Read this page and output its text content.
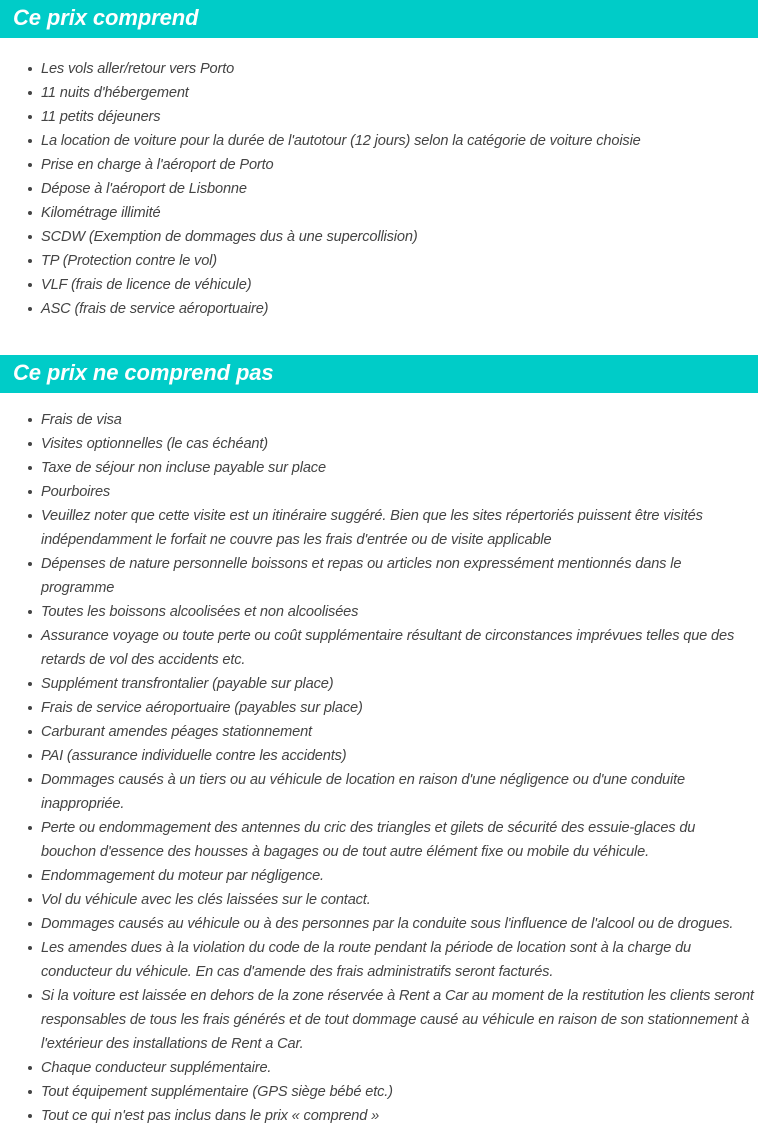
Ce prix comprend
Les vols aller/retour vers Porto
11 nuits d'hébergement
11 petits déjeuners
La location de voiture pour la durée de l'autotour (12 jours) selon la catégorie de voiture choisie
Prise en charge à l'aéroport de Porto
Dépose à l'aéroport de Lisbonne
Kilométrage illimité
SCDW (Exemption de dommages dus à une supercollision)
TP (Protection contre le vol)
VLF (frais de licence de véhicule)
ASC (frais de service aéroportuaire)
Ce prix ne comprend pas
Frais de visa
Visites optionnelles (le cas échéant)
Taxe de séjour non incluse payable sur place
Pourboires
Veuillez noter que cette visite est un itinéraire suggéré. Bien que les sites répertoriés puissent être visités indépendamment le forfait ne couvre pas les frais d'entrée ou de visite applicable
Dépenses de nature personnelle boissons et repas ou articles non expressément mentionnés dans le programme
Toutes les boissons alcoolisées et non alcoolisées
Assurance voyage ou toute perte ou coût supplémentaire résultant de circonstances imprévues telles que des retards de vol des accidents etc.
Supplément transfrontalier (payable sur place)
Frais de service aéroportuaire (payables sur place)
Carburant amendes péages stationnement
PAI (assurance individuelle contre les accidents)
Dommages causés à un tiers ou au véhicule de location en raison d'une négligence ou d'une conduite inappropriée.
Perte ou endommagement des antennes du cric des triangles et gilets de sécurité des essuie-glaces du bouchon d'essence des housses à bagages ou de tout autre élément fixe ou mobile du véhicule.
Endommagement du moteur par négligence.
Vol du véhicule avec les clés laissées sur le contact.
Dommages causés au véhicule ou à des personnes par la conduite sous l'influence de l'alcool ou de drogues.
Les amendes dues à la violation du code de la route pendant la période de location sont à la charge du conducteur du véhicule. En cas d'amende des frais administratifs seront facturés.
Si la voiture est laissée en dehors de la zone réservée à Rent a Car au moment de la restitution les clients seront responsables de tous les frais générés et de tout dommage causé au véhicule en raison de son stationnement à l'extérieur des installations de Rent a Car.
Chaque conducteur supplémentaire.
Tout équipement supplémentaire (GPS siège bébé etc.)
Tout ce qui n'est pas inclus dans le prix « comprend »
